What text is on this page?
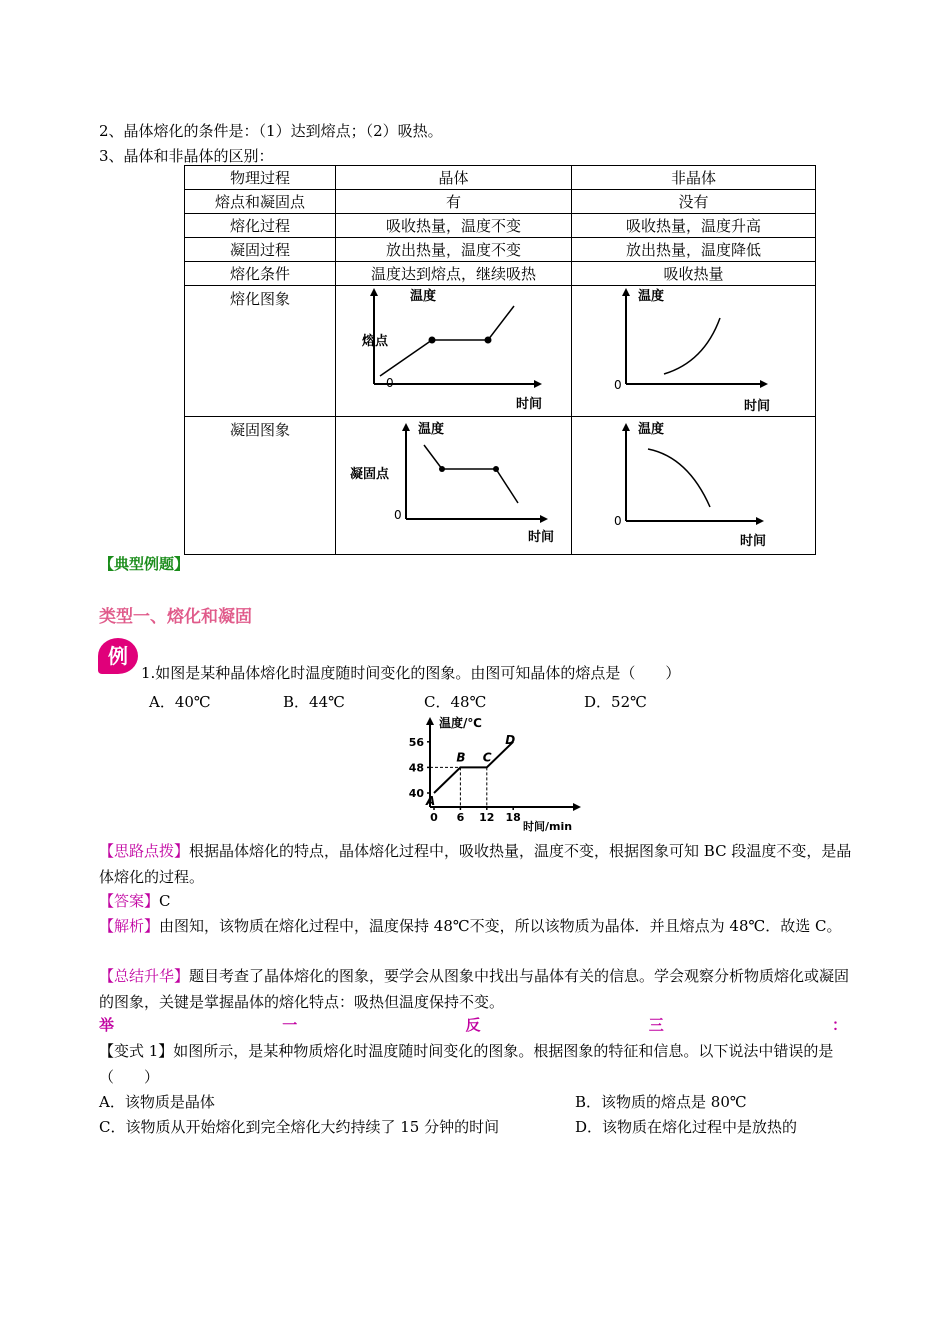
2、晶体熔化的条件是：（1）达到熔点；（2）吸热。
3、晶体和非晶体的区别：
物理过程	晶体	非晶体
熔点和凝固点	有	没有
熔化过程	吸收热量，温度不变	吸收热量，温度升高
凝固过程	放出热量，温度不变	放出热量，温度降低
熔化条件	温度达到熔点，继续吸热	吸收热量

熔化图象	温度
熔点
0
时间	温度
0
时间

凝固图象	温度
凝固点
0
时间	温度
0
时间
【典型例题】
类型一、熔化和凝固
例
1.如图是某种晶体熔化时温度随时间变化的图象。由图可知晶体的熔点是（　　）
A．40℃	B．44℃	C．48℃	D．52℃
温度/℃
时间/min
40
48
56
0 6 12 18
A
B C
D
【思路点拨】根据晶体熔化的特点，晶体熔化过程中，吸收热量，温度不变，根据图象可知 BC 段温度不变，是晶体熔化的过程。
【答案】C
【解析】由图知，该物质在熔化过程中，温度保持 48℃不变，所以该物质为晶体．并且熔点为 48℃．故选 C。
【总结升华】题目考查了晶体熔化的图象，要学会从图象中找出与晶体有关的信息。学会观察分析物质熔化或凝固的图象，关键是掌握晶体的熔化特点：吸热但温度保持不变。
举	一	反	三	：
【变式 1】如图所示，是某种物质熔化时温度随时间变化的图象。根据图象的特征和信息。以下说法中错误的是（　　）
A．该物质是晶体	B．该物质的熔点是 80℃
C．该物质从开始熔化到完全熔化大约持续了 15 分钟的时间	D．该物质在熔化过程中是放热的
